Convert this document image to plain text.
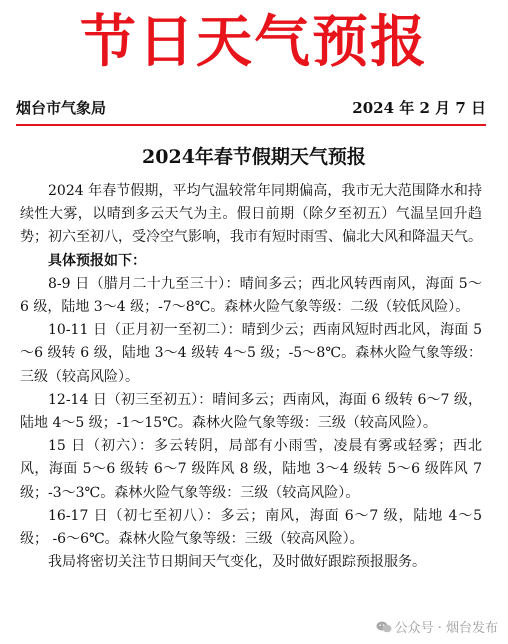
节日天气预报
烟台市气象局	2024 年 2 月 7 日
2024年春节假期天气预报

2024 年春节假期，平均气温较常年同期偏高，我市无大范围降水和持续性大雾，以晴到多云天气为主。假日前期（除夕至初五）气温呈回升趋势；初六至初八，受冷空气影响，我市有短时雨雪、偏北大风和降温天气。

具体预报如下：

8-9 日（腊月二十九至三十）：晴间多云；西北风转西南风，海面 5～6 级，陆地 3～4 级；-7～8℃。森林火险气象等级：二级（较低风险）。

10-11 日（正月初一至初二）：晴到少云；西南风短时西北风，海面 5～6 级转 6 级，陆地 3～4 级转 4～5 级；-5～8℃。森林火险气象等级：三级（较高风险）。

12-14 日（初三至初五）：晴间多云；西南风，海面 6 级转 6～7 级，陆地 4～5 级；-1～15℃。森林火险气象等级：三级（较高风险）。

15 日（初六）：多云转阴，局部有小雨雪，凌晨有雾或轻雾；西北风，海面 5～6 级转 6～7 级阵风 8 级，陆地 3～4 级转 5～6 级阵风 7 级；-3～3℃。森林火险气象等级：三级（较高风险）。

16-17 日（初七至初八）：多云；南风，海面 6～7 级，陆地 4～5 级； -6～6℃。森林火险气象等级：三级（较高风险）。

我局将密切关注节日期间天气变化，及时做好跟踪预报服务。

公众号 · 烟台发布
